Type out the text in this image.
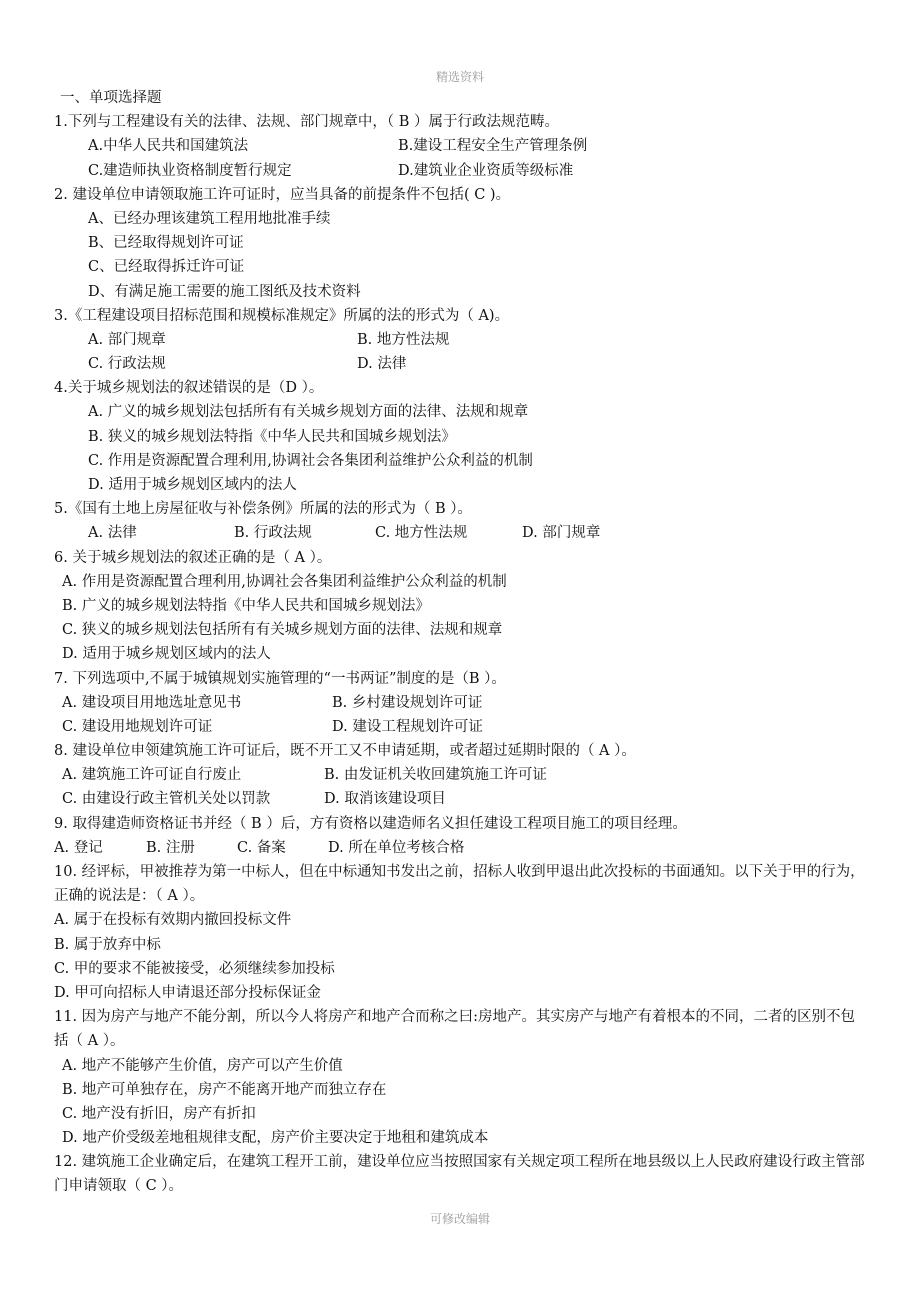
精选资料
一、单项选择题
1.下列与工程建设有关的法律、法规、部门规章中，（ B ）属于行政法规范畴。
A.中华人民共和国建筑法	B.建设工程安全生产管理条例
C.建造师执业资格制度暂行规定	D.建筑业企业资质等级标准
2. 建设单位申请领取施工许可证时，应当具备的前提条件不包括( C )。
A、已经办理该建筑工程用地批准手续
B、已经取得规划许可证
C、已经取得拆迁许可证
D、有满足施工需要的施工图纸及技术资料
3.《工程建设项目招标范围和规模标准规定》所属的法的形式为（ A)。
A. 部门规章	B. 地方性法规
C. 行政法规	D. 法律
4.关于城乡规划法的叙述错误的是（D ）。
A. 广义的城乡规划法包括所有有关城乡规划方面的法律、法规和规章
B. 狭义的城乡规划法特指《中华人民共和国城乡规划法》
C. 作用是资源配置合理利用,协调社会各集团利益维护公众利益的机制
D. 适用于城乡规划区域内的法人
5.《国有土地上房屋征收与补偿条例》所属的法的形式为（ B ）。
A. 法律	B. 行政法规	C. 地方性法规	D. 部门规章
6. 关于城乡规划法的叙述正确的是（ A ）。
A. 作用是资源配置合理利用,协调社会各集团利益维护公众利益的机制
B. 广义的城乡规划法特指《中华人民共和国城乡规划法》
C. 狭义的城乡规划法包括所有有关城乡规划方面的法律、法规和规章
D. 适用于城乡规划区域内的法人
7. 下列选项中,不属于城镇规划实施管理的“一书两证”制度的是（B ）。
A. 建设项目用地选址意见书	B. 乡村建设规划许可证
C. 建设用地规划许可证	D. 建设工程规划许可证
8. 建设单位申领建筑施工许可证后，既不开工又不申请延期，或者超过延期时限的（ A ）。
A. 建筑施工许可证自行废止	B. 由发证机关收回建筑施工许可证
C. 由建设行政主管机关处以罚款	D. 取消该建设项目
9. 取得建造师资格证书并经（ B ）后，方有资格以建造师名义担任建设工程项目施工的项目经理。
A. 登记	B. 注册	C. 备案	D. 所在单位考核合格
10. 经评标，甲被推荐为第一中标人，但在中标通知书发出之前，招标人收到甲退出此次投标的书面通知。以下关于甲的行为，正确的说法是：（ A ）。
A. 属于在投标有效期内撤回投标文件
B. 属于放弃中标
C. 甲的要求不能被接受，必须继续参加投标
D. 甲可向招标人申请退还部分投标保证金
11. 因为房产与地产不能分割，所以今人将房产和地产合而称之曰:房地产。其实房产与地产有着根本的不同，二者的区别不包括（ A ）。
A. 地产不能够产生价值，房产可以产生价值
B. 地产可单独存在，房产不能离开地产而独立存在
C. 地产没有折旧，房产有折扣
D. 地产价受级差地租规律支配，房产价主要决定于地租和建筑成本
12. 建筑施工企业确定后，在建筑工程开工前，建设单位应当按照国家有关规定项工程所在地县级以上人民政府建设行政主管部门申请领取（ C ）。
可修改编辑
